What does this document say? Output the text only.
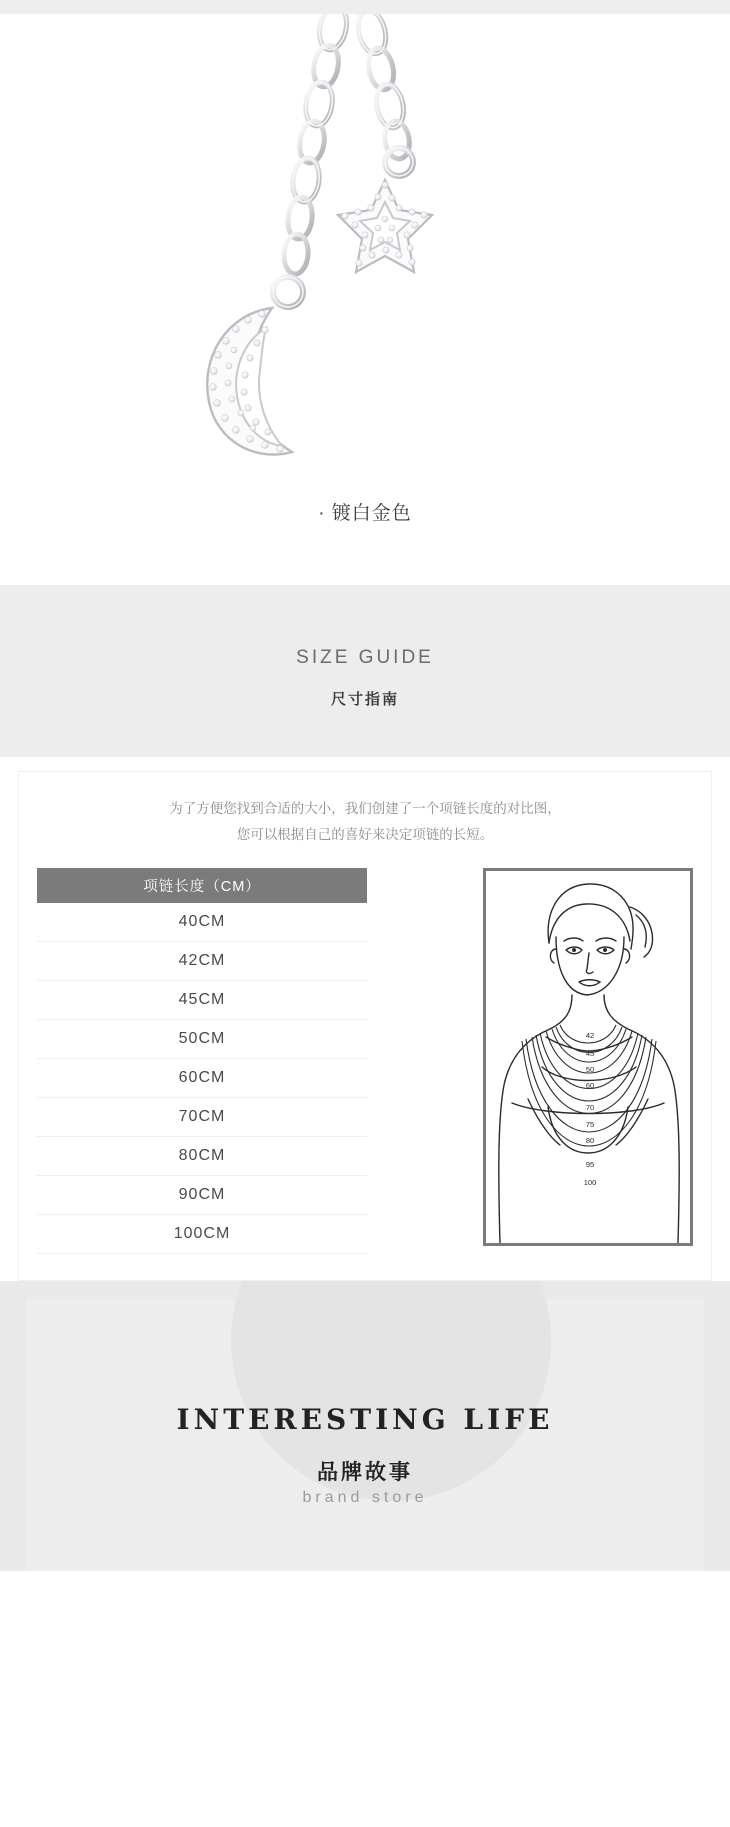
· 镀白金色
SIZE GUIDE
尺寸指南
为了方便您找到合适的大小，我们创建了一个项链长度的对比图，
您可以根据自己的喜好来决定项链的长短。
项链长度（CM）
40CM
42CM
45CM
50CM
60CM
70CM
80CM
90CM
100CM
42
45
50
60
70
75
80
95
100
INTERESTING LIFE
品牌故事
brand store
